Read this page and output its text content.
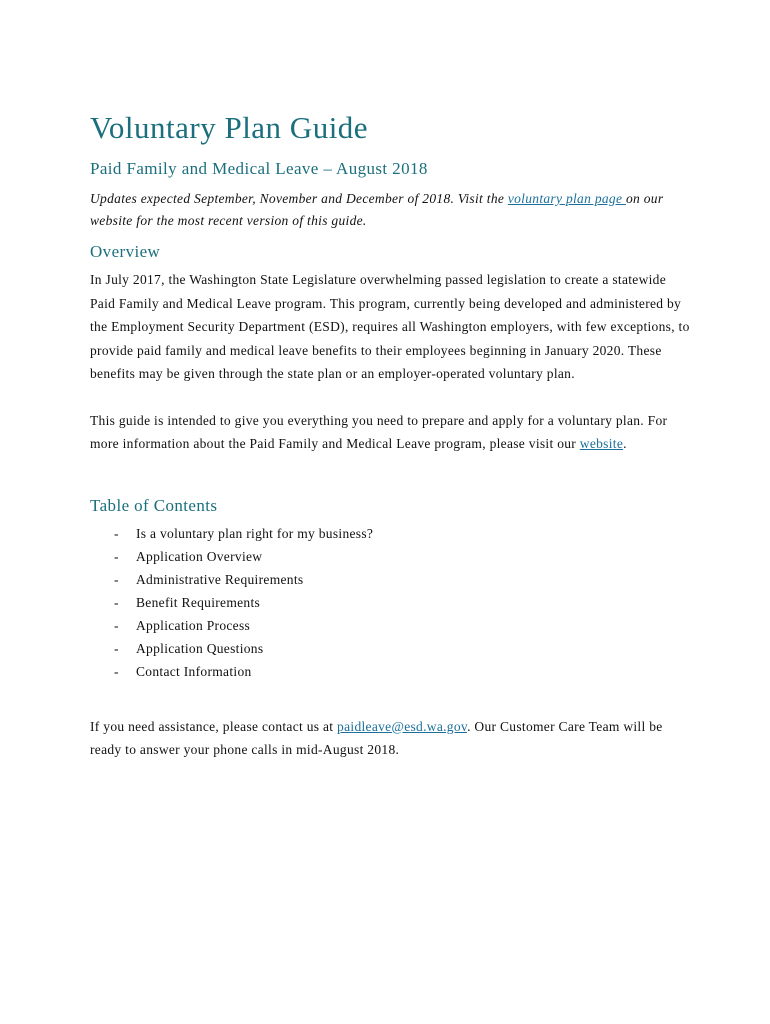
Voluntary Plan Guide
Paid Family and Medical Leave – August 2018

Updates expected September, November and December of 2018. Visit the voluntary plan page on our website for the most recent version of this guide.

Overview

In July 2017, the Washington State Legislature overwhelming passed legislation to create a statewide Paid Family and Medical Leave program. This program, currently being developed and administered by the Employment Security Department (ESD), requires all Washington employers, with few exceptions, to provide paid family and medical leave benefits to their employees beginning in January 2020. These benefits may be given through the state plan or an employer-operated voluntary plan.

This guide is intended to give you everything you need to prepare and apply for a voluntary plan. For more information about the Paid Family and Medical Leave program, please visit our website.

Table of Contents
- Is a voluntary plan right for my business?
- Application Overview
- Administrative Requirements
- Benefit Requirements
- Application Process
- Application Questions
- Contact Information

If you need assistance, please contact us at paidleave@esd.wa.gov. Our Customer Care Team will be ready to answer your phone calls in mid-August 2018.
